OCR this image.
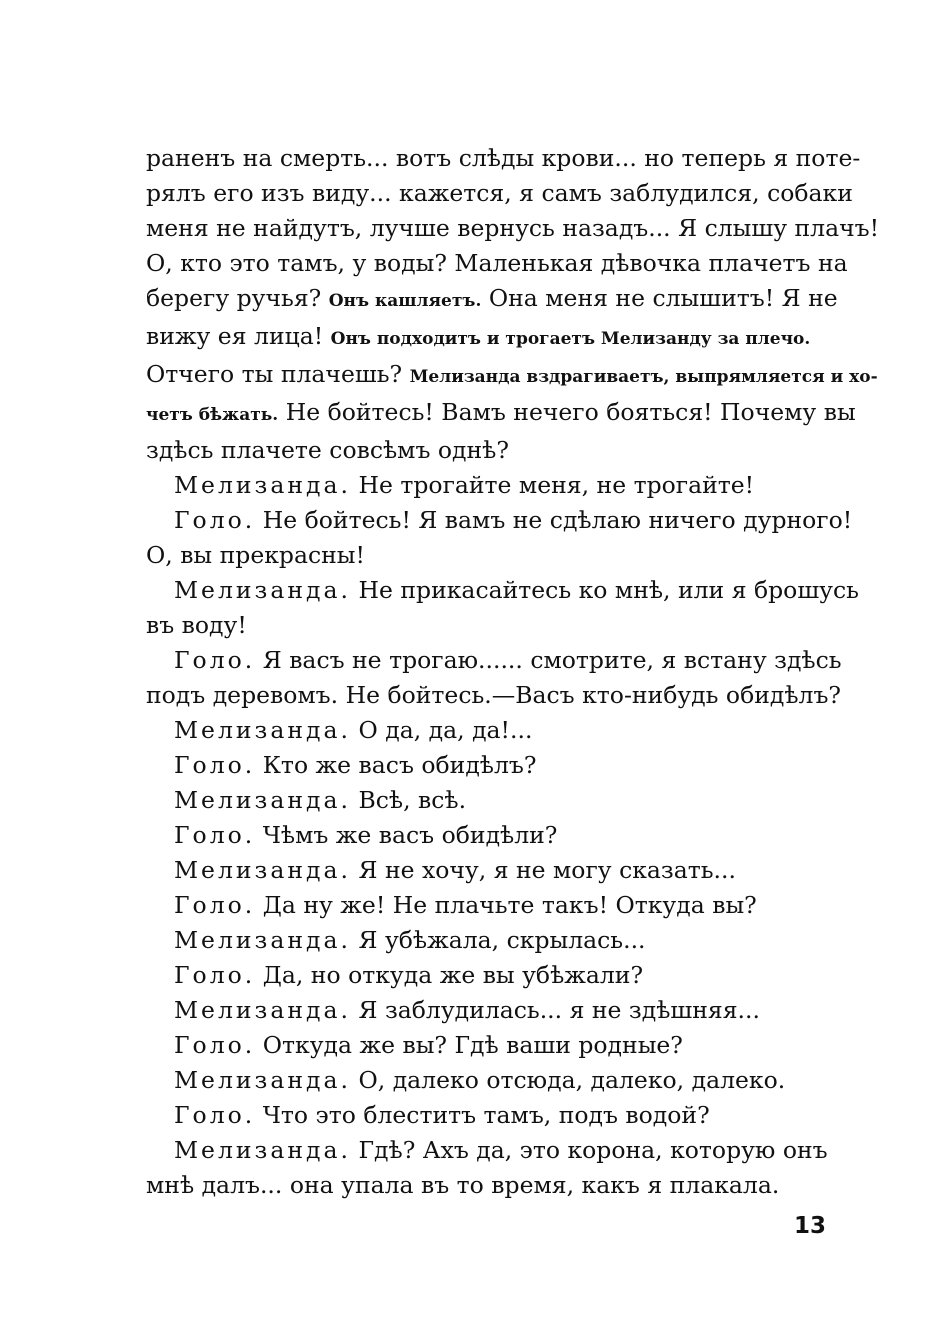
раненъ на смерть... вотъ слѣды крови... но теперь я поте-
рялъ его изъ виду... кажется, я самъ заблудился, собаки
меня не найдутъ, лучше вернусь назадъ... Я слышу плачъ!
О, кто это тамъ, у воды? Маленькая дѣвочка плачетъ на
берегу ручья? Онъ кашляетъ. Она меня не слышитъ! Я не
вижу ея лица! Онъ подходитъ и трогаетъ Мелизанду за плечо.
Отчего ты плачешь? Мелизанда вздрагиваетъ, выпрямляется и хо-
четъ бѣжать. Не бойтесь! Вамъ нечего бояться! Почему вы
здѣсь плачете совсѣмъ однѣ?

Мелизанда. Не трогайте меня, не трогайте!

Голо. Не бойтесь! Я вамъ не сдѣлаю ничего дурного!
О, вы прекрасны!

Мелизанда. Не прикасайтесь ко мнѣ, или я брошусь
въ воду!

Голо. Я васъ не трогаю...... смотрите, я встану здѣсь
подъ деревомъ. Не бойтесь.—Васъ кто-нибудь обидѣлъ?

Мелизанда. О да, да, да!...

Голо. Кто же васъ обидѣлъ?

Мелизанда. Всѣ, всѣ.

Голо. Чѣмъ же васъ обидѣли?

Мелизанда. Я не хочу, я не могу сказать...

Голо. Да ну же! Не плачьте такъ! Откуда вы?

Мелизанда. Я убѣжала, скрылась...

Голо. Да, но откуда же вы убѣжали?

Мелизанда. Я заблудилась... я не здѣшняя...

Голо. Откуда же вы? Гдѣ ваши родные?

Мелизанда. О, далеко отсюда, далеко, далеко.

Голо. Что это блеститъ тамъ, подъ водой?

Мелизанда. Гдѣ? Ахъ да, это корона, которую онъ
мнѣ далъ... она упала въ то время, какъ я плакала.

13
